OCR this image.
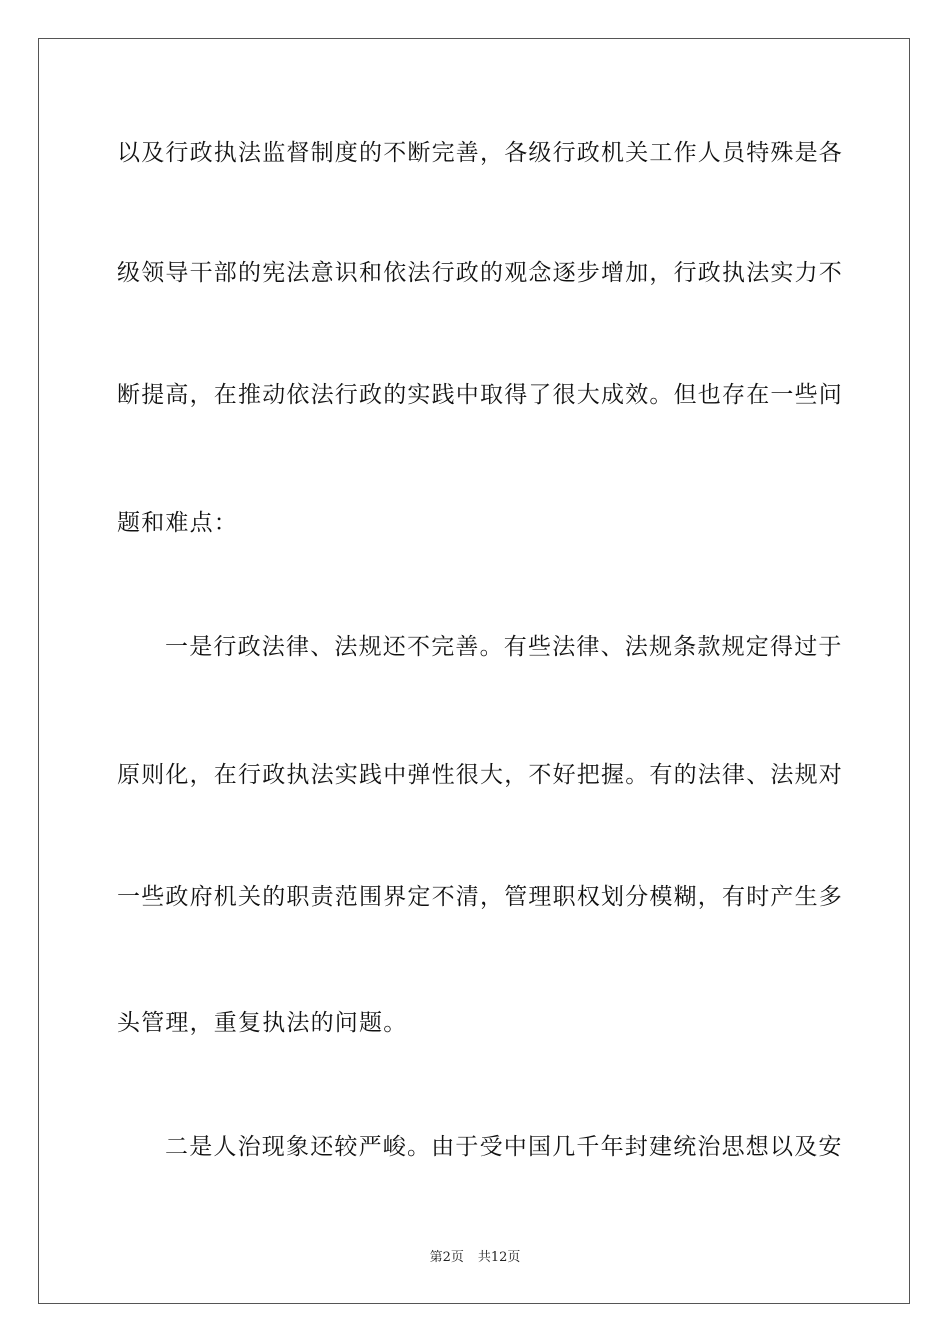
以及行政执法监督制度的不断完善，各级行政机关工作人员特殊是各
级领导干部的宪法意识和依法行政的观念逐步增加，行政执法实力不
断提高，在推动依法行政的实践中取得了很大成效。但也存在一些问
题和难点：
一是行政法律、法规还不完善。有些法律、法规条款规定得过于
原则化，在行政执法实践中弹性很大，不好把握。有的法律、法规对
一些政府机关的职责范围界定不清，管理职权划分模糊，有时产生多
头管理，重复执法的问题。
二是人治现象还较严峻。由于受中国几千年封建统治思想以及安
第2页 共12页
